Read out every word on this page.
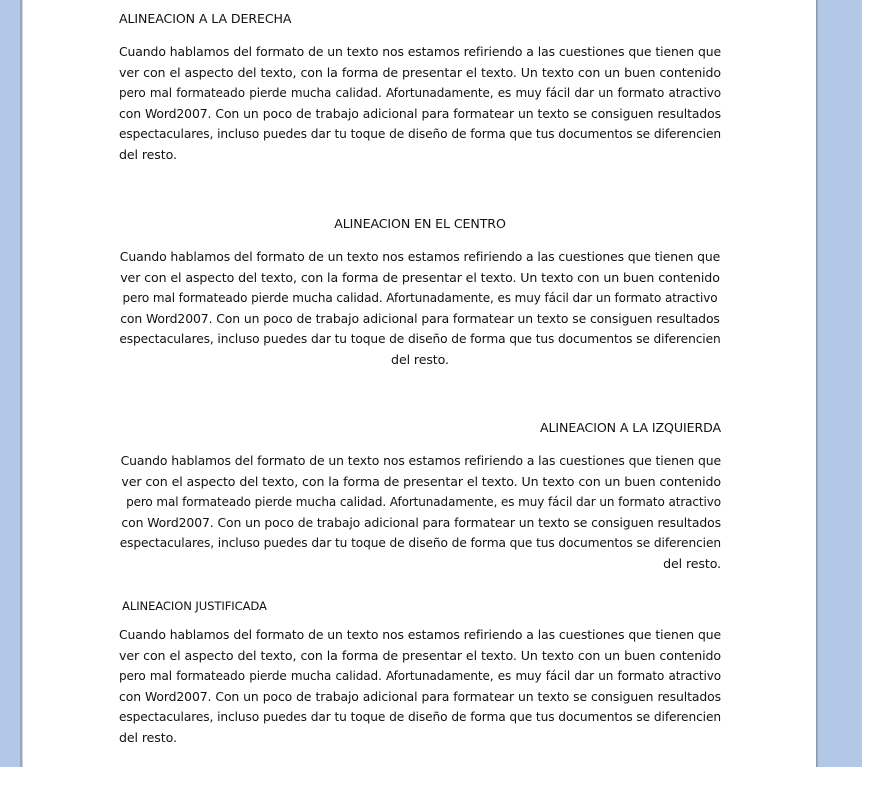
ALINEACION A LA DERECHA

Cuando hablamos del formato de un texto nos estamos refiriendo a las cuestiones que tienen que
ver con el aspecto del texto, con la forma de presentar el texto. Un texto con un buen contenido
pero mal formateado pierde mucha calidad. Afortunadamente, es muy fácil dar un formato atractivo
con Word2007. Con un poco de trabajo adicional para formatear un texto se consiguen resultados
espectaculares, incluso puedes dar tu toque de diseño de forma que tus documentos se diferencien
del resto.

ALINEACION EN EL CENTRO

Cuando hablamos del formato de un texto nos estamos refiriendo a las cuestiones que tienen que
ver con el aspecto del texto, con la forma de presentar el texto. Un texto con un buen contenido
pero mal formateado pierde mucha calidad. Afortunadamente, es muy fácil dar un formato atractivo
con Word2007. Con un poco de trabajo adicional para formatear un texto se consiguen resultados
espectaculares, incluso puedes dar tu toque de diseño de forma que tus documentos se diferencien
del resto.

ALINEACION A LA IZQUIERDA

Cuando hablamos del formato de un texto nos estamos refiriendo a las cuestiones que tienen que
ver con el aspecto del texto, con la forma de presentar el texto. Un texto con un buen contenido
pero mal formateado pierde mucha calidad. Afortunadamente, es muy fácil dar un formato atractivo
con Word2007. Con un poco de trabajo adicional para formatear un texto se consiguen resultados
espectaculares, incluso puedes dar tu toque de diseño de forma que tus documentos se diferencien
del resto.

ALINEACION JUSTIFICADA

Cuando hablamos del formato de un texto nos estamos refiriendo a las cuestiones que tienen que
ver con el aspecto del texto, con la forma de presentar el texto. Un texto con un buen contenido
pero mal formateado pierde mucha calidad. Afortunadamente, es muy fácil dar un formato atractivo
con Word2007. Con un poco de trabajo adicional para formatear un texto se consiguen resultados
espectaculares, incluso puedes dar tu toque de diseño de forma que tus documentos se diferencien
del resto.
